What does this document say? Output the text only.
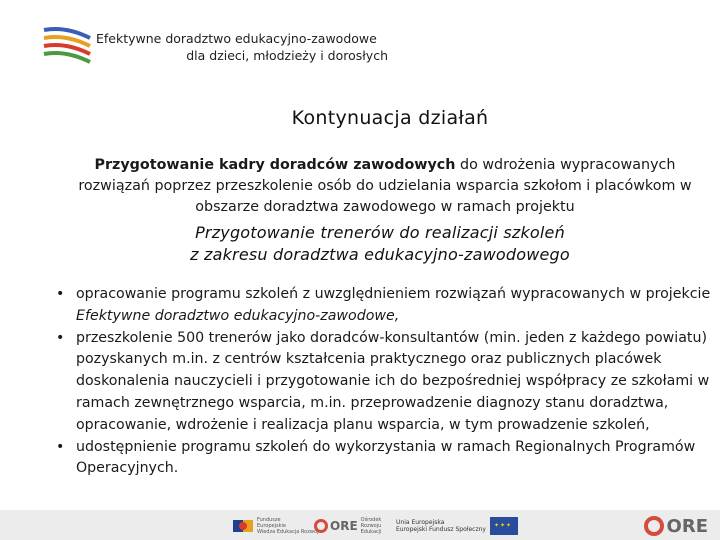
Efektywne doradztwo edukacyjno-zawodowe
dla dzieci, młodzieży i dorosłych
Kontynuacja działań
Przygotowanie kadry doradców zawodowych do wdrożenia wypracowanych rozwiązań poprzez przeszkolenie osób do udzielania wsparcia szkołom i placówkom w obszarze doradztwa zawodowego w ramach projektu
Przygotowanie trenerów do realizacji szkoleń
z zakresu doradztwa edukacyjno-zawodowego
• opracowanie programu szkoleń z uwzględnieniem rozwiązań wypracowanych w projekcie Efektywne doradztwo edukacyjno-zawodowe,
• przeszkolenie 500 trenerów jako doradców-konsultantów (min. jeden z każdego powiatu) pozyskanych m.in. z centrów kształcenia praktycznego oraz publicznych placówek doskonalenia nauczycieli i przygotowanie ich do bezpośredniej współpracy ze szkołami w ramach zewnętrznego wsparcia, m.in. przeprowadzenie diagnozy stanu doradztwa, opracowanie, wdrożenie i realizacja planu wsparcia, w tym prowadzenie szkoleń,
• udostępnienie programu szkoleń do wykorzystania w ramach Regionalnych Programów Operacyjnych.
Fundusze
Europejskie
Wiedza Edukacja Rozwój ORE Ośrodek Rozwoju Edukacji
Unia Europejska
Europejski Fundusz Społeczny ✦✦✦	ORE
